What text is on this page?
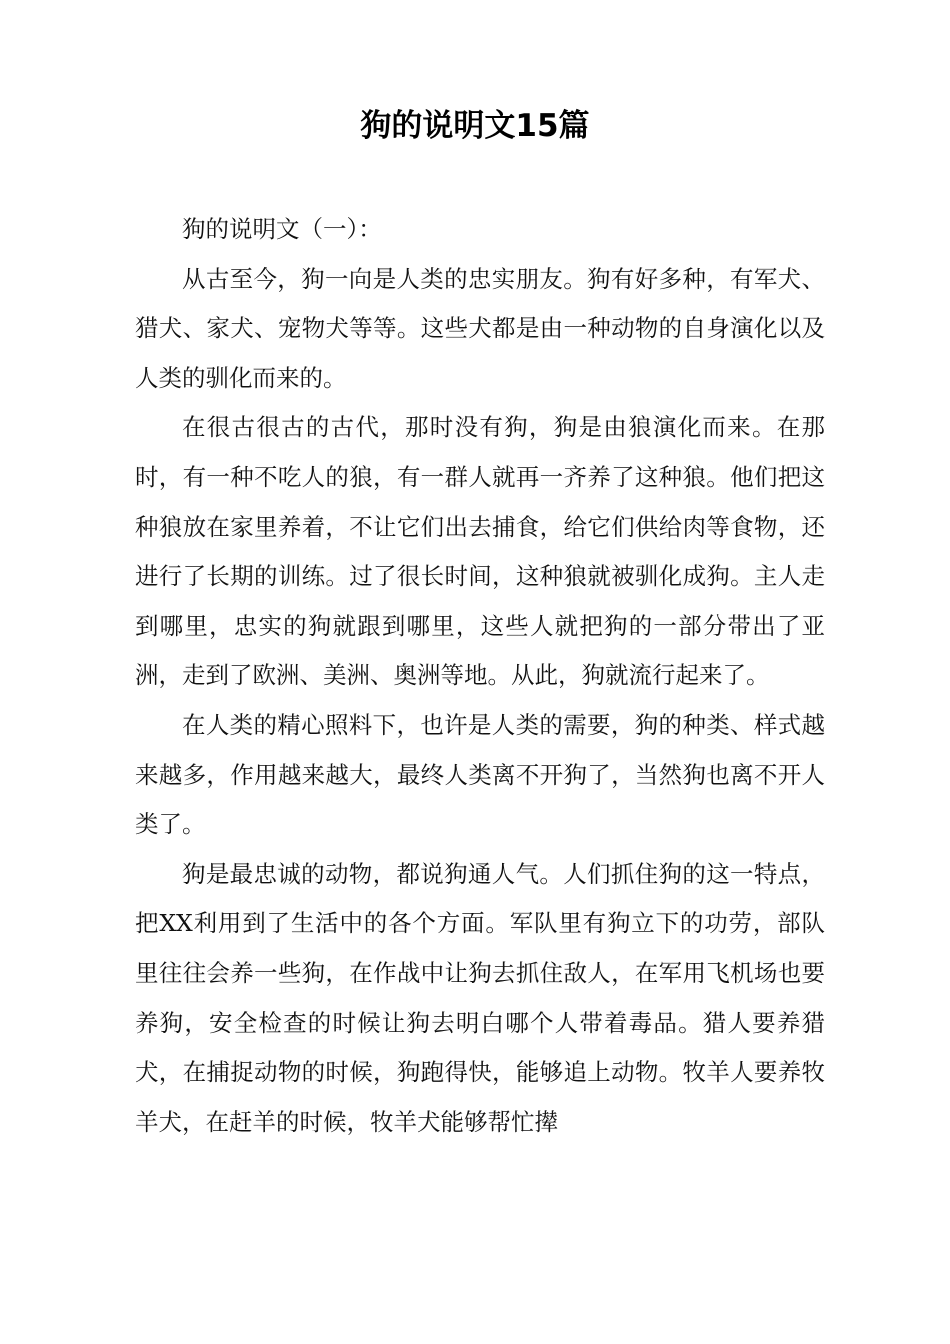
狗的说明文15篇

狗的说明文（一）：

从古至今，狗一向是人类的忠实朋友。狗有好多种，有军犬、猎犬、家犬、宠物犬等等。这些犬都是由一种动物的自身演化以及人类的驯化而来的。

在很古很古的古代，那时没有狗，狗是由狼演化而来。在那时，有一种不吃人的狼，有一群人就再一齐养了这种狼。他们把这种狼放在家里养着，不让它们出去捕食，给它们供给肉等食物，还进行了长期的训练。过了很长时间，这种狼就被驯化成狗。主人走到哪里，忠实的狗就跟到哪里，这些人就把狗的一部分带出了亚洲，走到了欧洲、美洲、奥洲等地。从此，狗就流行起来了。

在人类的精心照料下，也许是人类的需要，狗的种类、样式越来越多，作用越来越大，最终人类离不开狗了，当然狗也离不开人类了。

狗是最忠诚的动物，都说狗通人气。人们抓住狗的这一特点，把XX利用到了生活中的各个方面。军队里有狗立下的功劳，部队里往往会养一些狗，在作战中让狗去抓住敌人，在军用飞机场也要养狗，安全检查的时候让狗去明白哪个人带着毒品。猎人要养猎犬，在捕捉动物的时候，狗跑得快，能够追上动物。牧羊人要养牧羊犬，在赶羊的时候，牧羊犬能够帮忙撵
